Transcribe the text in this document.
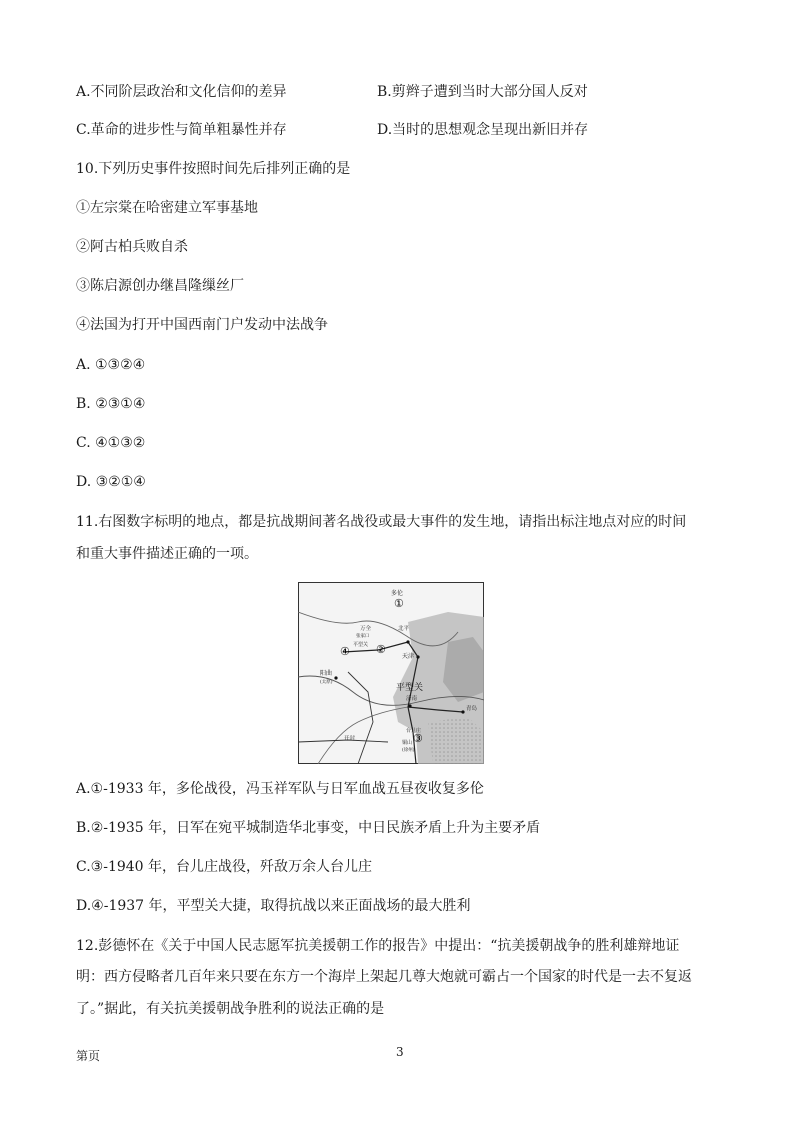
A.不同阶层政治和文化信仰的差异	B.剪辫子遭到当时大部分国人反对
C.革命的进步性与简单粗暴性并存	D.当时的思想观念呈现出新旧并存
10.下列历史事件按照时间先后排列正确的是
①左宗棠在哈密建立军事基地
②阿古柏兵败自杀
③陈启源创办继昌隆缫丝厂
④法国为打开中国西南门户发动中法战争
A. ①③②④
B. ②③①④
C. ④①③②
D. ③②①④
11.右图数字标明的地点，都是抗战期间著名战役或最大事件的发生地，请指出标注地点对应的时间
和重大事件描述正确的一项。
多伦
万全
张家口
北平
平型关
天津
阳曲
(太原)
平型关
济南
青岛
台儿庄
开封
铜山
(徐州)
①
②
③
④
A.①-1933 年，多伦战役，冯玉祥军队与日军血战五昼夜收复多伦
B.②-1935 年，日军在宛平城制造华北事变，中日民族矛盾上升为主要矛盾
C.③-1940 年，台儿庄战役，歼敌万余人台儿庄
D.④-1937 年，平型关大捷，取得抗战以来正面战场的最大胜利
12.彭德怀在《关于中国人民志愿军抗美援朝工作的报告》中提出：“抗美援朝战争的胜利雄辩地证
明：西方侵略者几百年来只要在东方一个海岸上架起几尊大炮就可霸占一个国家的时代是一去不复返
了。”据此，有关抗美援朝战争胜利的说法正确的是
第页	3
